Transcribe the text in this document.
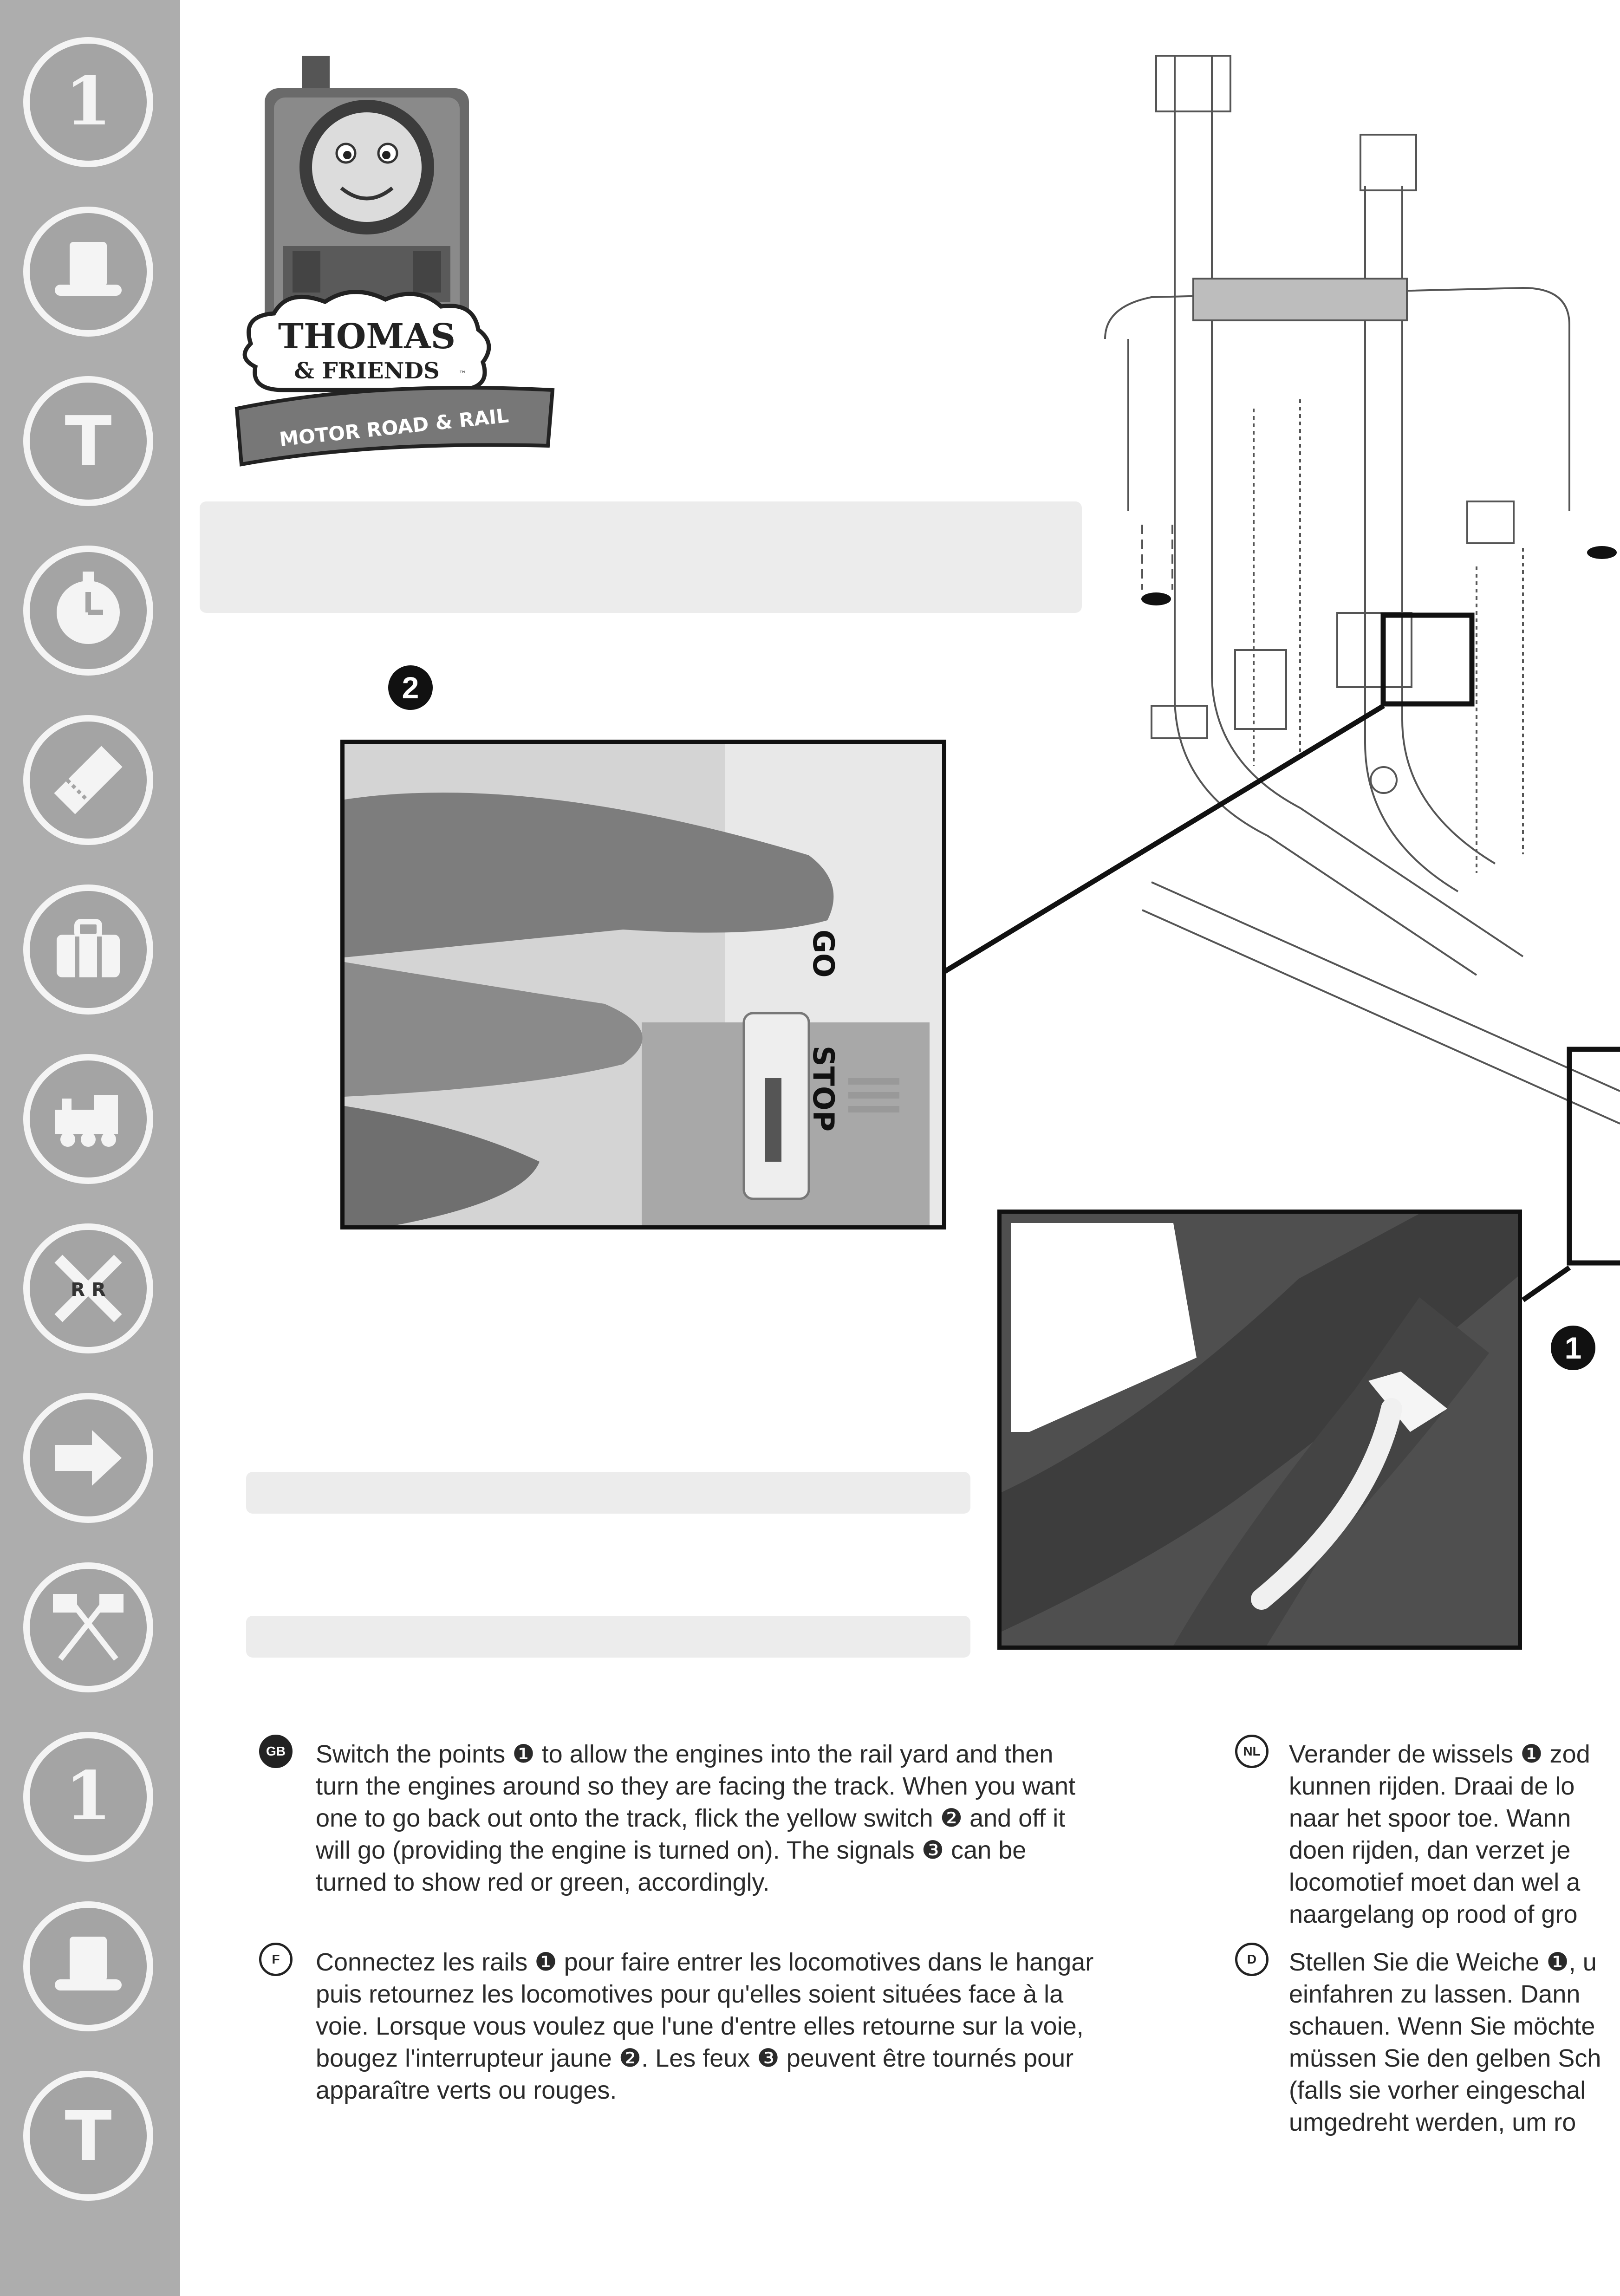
1
T
R R
1
T
THOMAS
& FRIENDS	™
MOTOR ROAD & RAIL
2
GO
STOP
1
GB Switch the points ❶ to allow the engines into the rail yard and then
turn the engines around so they are facing the track. When you want
one to go back out onto the track, flick the yellow switch ❷ and off it
will go (providing the engine is turned on). The signals ❸ can be
turned to show red or green, accordingly.
F	Connectez les rails ❶ pour faire entrer les locomotives dans le hangar
puis retournez les locomotives pour qu'elles soient situées face à la
voie. Lorsque vous voulez que l'une d'entre elles retourne sur la voie,
bougez l'interrupteur jaune ❷. Les feux ❸ peuvent être tournés pour
apparaître verts ou rouges.
NL	Verander de wissels ❶ zod
kunnen rijden. Draai de lo
naar het spoor toe. Wann
doen rijden, dan verzet je
locomotief moet dan wel a
naargelang op rood of gro
D	Stellen Sie die Weiche ❶, u
einfahren zu lassen. Dann
schauen. Wenn Sie möchte
müssen Sie den gelben Sch
(falls sie vorher eingeschal
umgedreht werden, um ro
